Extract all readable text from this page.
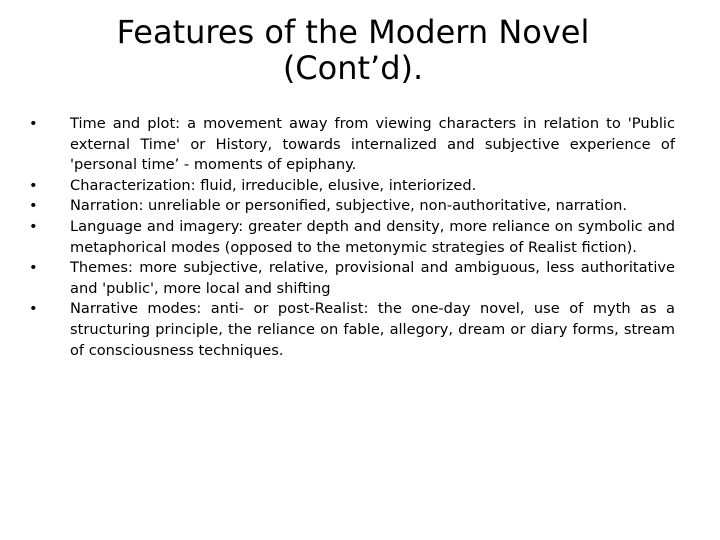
Features of the Modern Novel
(Cont’d).
• Time and plot: a movement away from viewing characters in relation to 'Public external Time' or History, towards internalized and subjective experience of 'personal time’ - moments of epiphany.
• Characterization: fluid, irreducible, elusive, interiorized.
• Narration: unreliable or personified, subjective, non-authoritative, narration.
• Language and imagery: greater depth and density, more reliance on symbolic and metaphorical modes (opposed to the metonymic strategies of Realist fiction).
• Themes: more subjective, relative, provisional and ambiguous, less authoritative and 'public', more local and shifting
• Narrative modes: anti- or post-Realist: the one-day novel, use of myth as a structuring principle, the reliance on fable, allegory, dream or diary forms, stream of consciousness techniques.
